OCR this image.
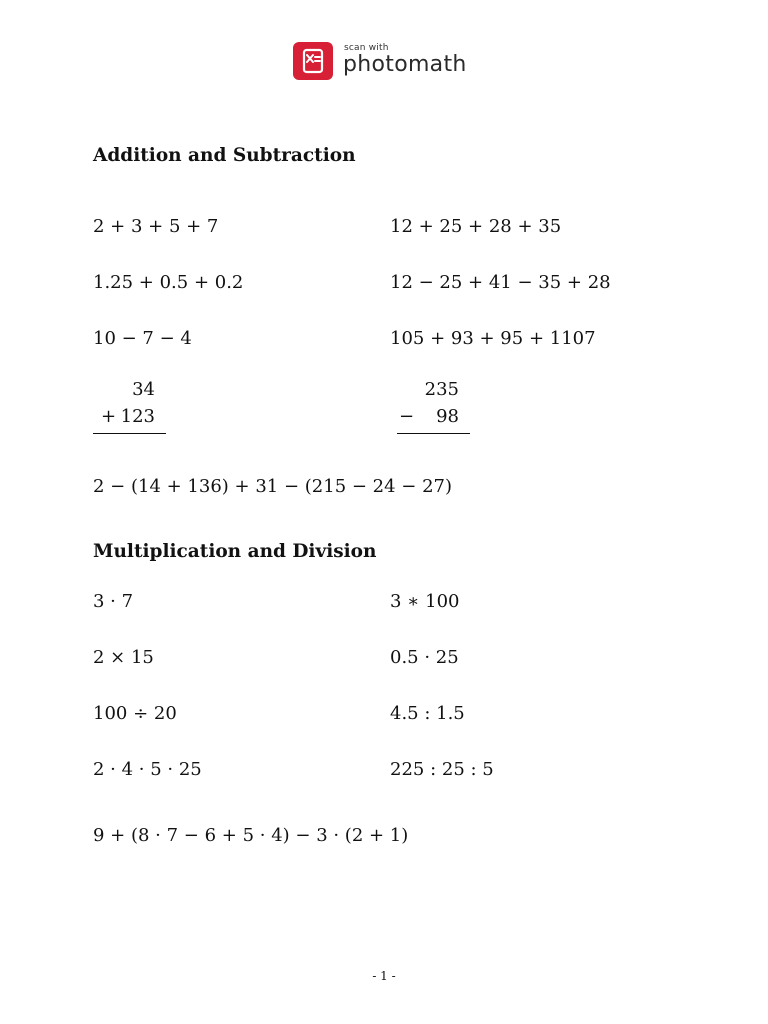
scan with
photomath
Addition and Subtraction
2 + 3 + 5 + 7	12 + 25 + 28 + 35
1.25 + 0.5 + 0.2	12 − 25 + 41 − 35 + 28
10 − 7 − 4	105 + 93 + 95 + 1107
34
+ 123
235
− 98
2 − (14 + 136) + 31 − (215 − 24 − 27)
Multiplication and Division
3 · 7	3 ∗ 100
2 × 15	0.5 · 25
100 ÷ 20	4.5 : 1.5
2 · 4 · 5 · 25	225 : 25 : 5
9 + (8 · 7 − 6 + 5 · 4) − 3 · (2 + 1)
- 1 -
